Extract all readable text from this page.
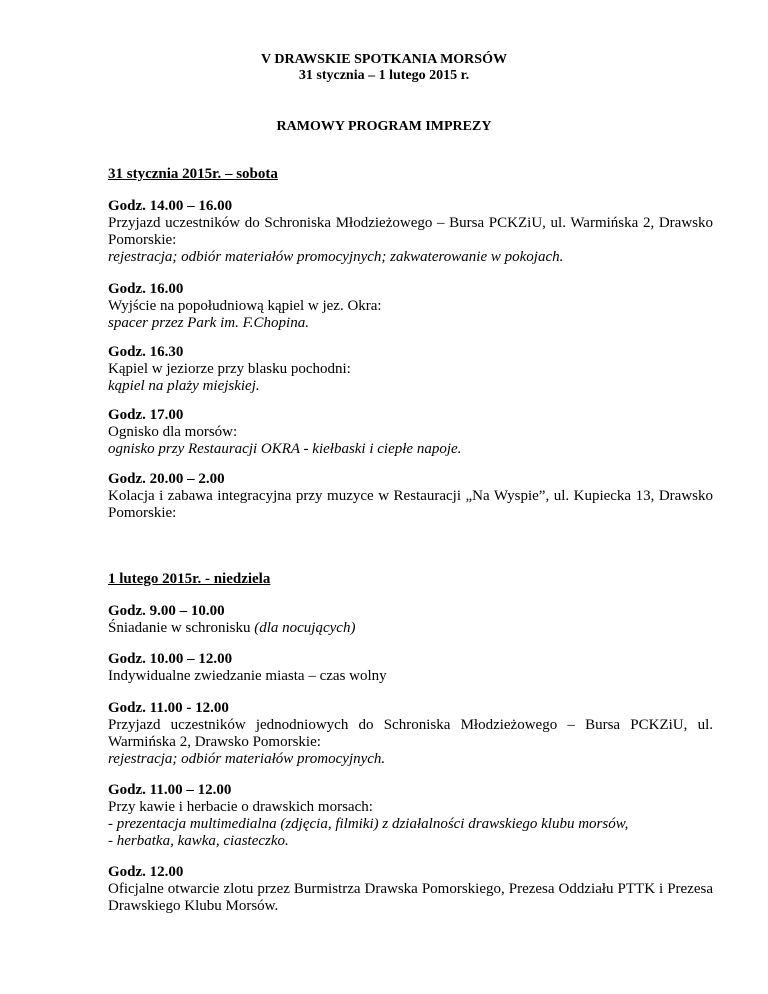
V DRAWSKIE SPOTKANIA MORSÓW
31 stycznia – 1 lutego 2015 r.
RAMOWY PROGRAM IMPREZY
31 stycznia 2015r. – sobota
Godz. 14.00 – 16.00
Przyjazd uczestników do Schroniska Młodzieżowego – Bursa PCKZiU, ul. Warmińska 2, Drawsko Pomorskie:
rejestracja; odbiór materiałów promocyjnych; zakwaterowanie w pokojach.
Godz. 16.00
Wyjście na popołudniową kąpiel w jez. Okra:
spacer przez Park im. F.Chopina.
Godz. 16.30
Kąpiel w jeziorze przy blasku pochodni:
kąpiel na plaży miejskiej.
Godz. 17.00
Ognisko dla morsów:
ognisko przy Restauracji OKRA - kiełbaski i ciepłe napoje.
Godz. 20.00 – 2.00
Kolacja i zabawa integracyjna przy muzyce w Restauracji „Na Wyspie”, ul. Kupiecka 13, Drawsko Pomorskie:
1 lutego 2015r. - niedziela
Godz. 9.00 – 10.00
Śniadanie w schronisku (dla nocujących)
Godz. 10.00 – 12.00
Indywidualne zwiedzanie miasta – czas wolny
Godz. 11.00 - 12.00
Przyjazd uczestników jednodniowych do Schroniska Młodzieżowego – Bursa PCKZiU, ul. Warmińska 2, Drawsko Pomorskie:
rejestracja; odbiór materiałów promocyjnych.
Godz. 11.00 – 12.00
Przy kawie i herbacie o drawskich morsach:
- prezentacja multimedialna (zdjęcia, filmiki) z działalności drawskiego klubu morsów,
- herbatka, kawka, ciasteczko.
Godz. 12.00
Oficjalne otwarcie zlotu przez Burmistrza Drawska Pomorskiego, Prezesa Oddziału PTTK i Prezesa Drawskiego Klubu Morsów.
